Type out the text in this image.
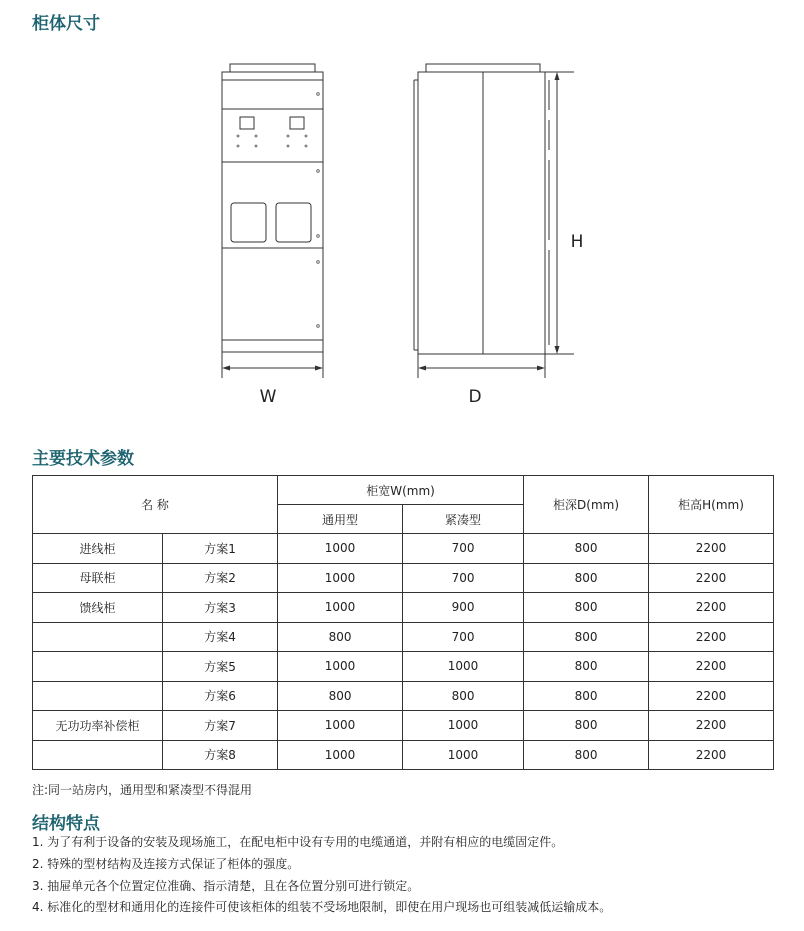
柜体尺寸
W	D
H
主要技术参数
名 称		柜宽W(mm)		柜深D(mm)	柜高H(mm)
		通用型	紧凑型		
进线柜	方案1	1000	700	800	2200
母联柜	方案2	1000	700	800	2200
馈线柜	方案3	1000	900	800	2200
	方案4	800	700	800	2200
	方案5	1000	1000	800	2200
	方案6	800	800	800	2200
无功功率补偿柜	方案7	1000	1000	800	2200
	方案8	1000	1000	800	2200
注:同一站房内，通用型和紧凑型不得混用
结构特点
1. 为了有利于设备的安装及现场施工，在配电柜中设有专用的电缆通道，并附有相应的电缆固定件。
2. 特殊的型材结构及连接方式保证了柜体的强度。
3. 抽屉单元各个位置定位准确、指示清楚，且在各位置分别可进行锁定。
4. 标准化的型材和通用化的连接件可使该柜体的组装不受场地限制，即使在用户现场也可组装减低运输成本。
